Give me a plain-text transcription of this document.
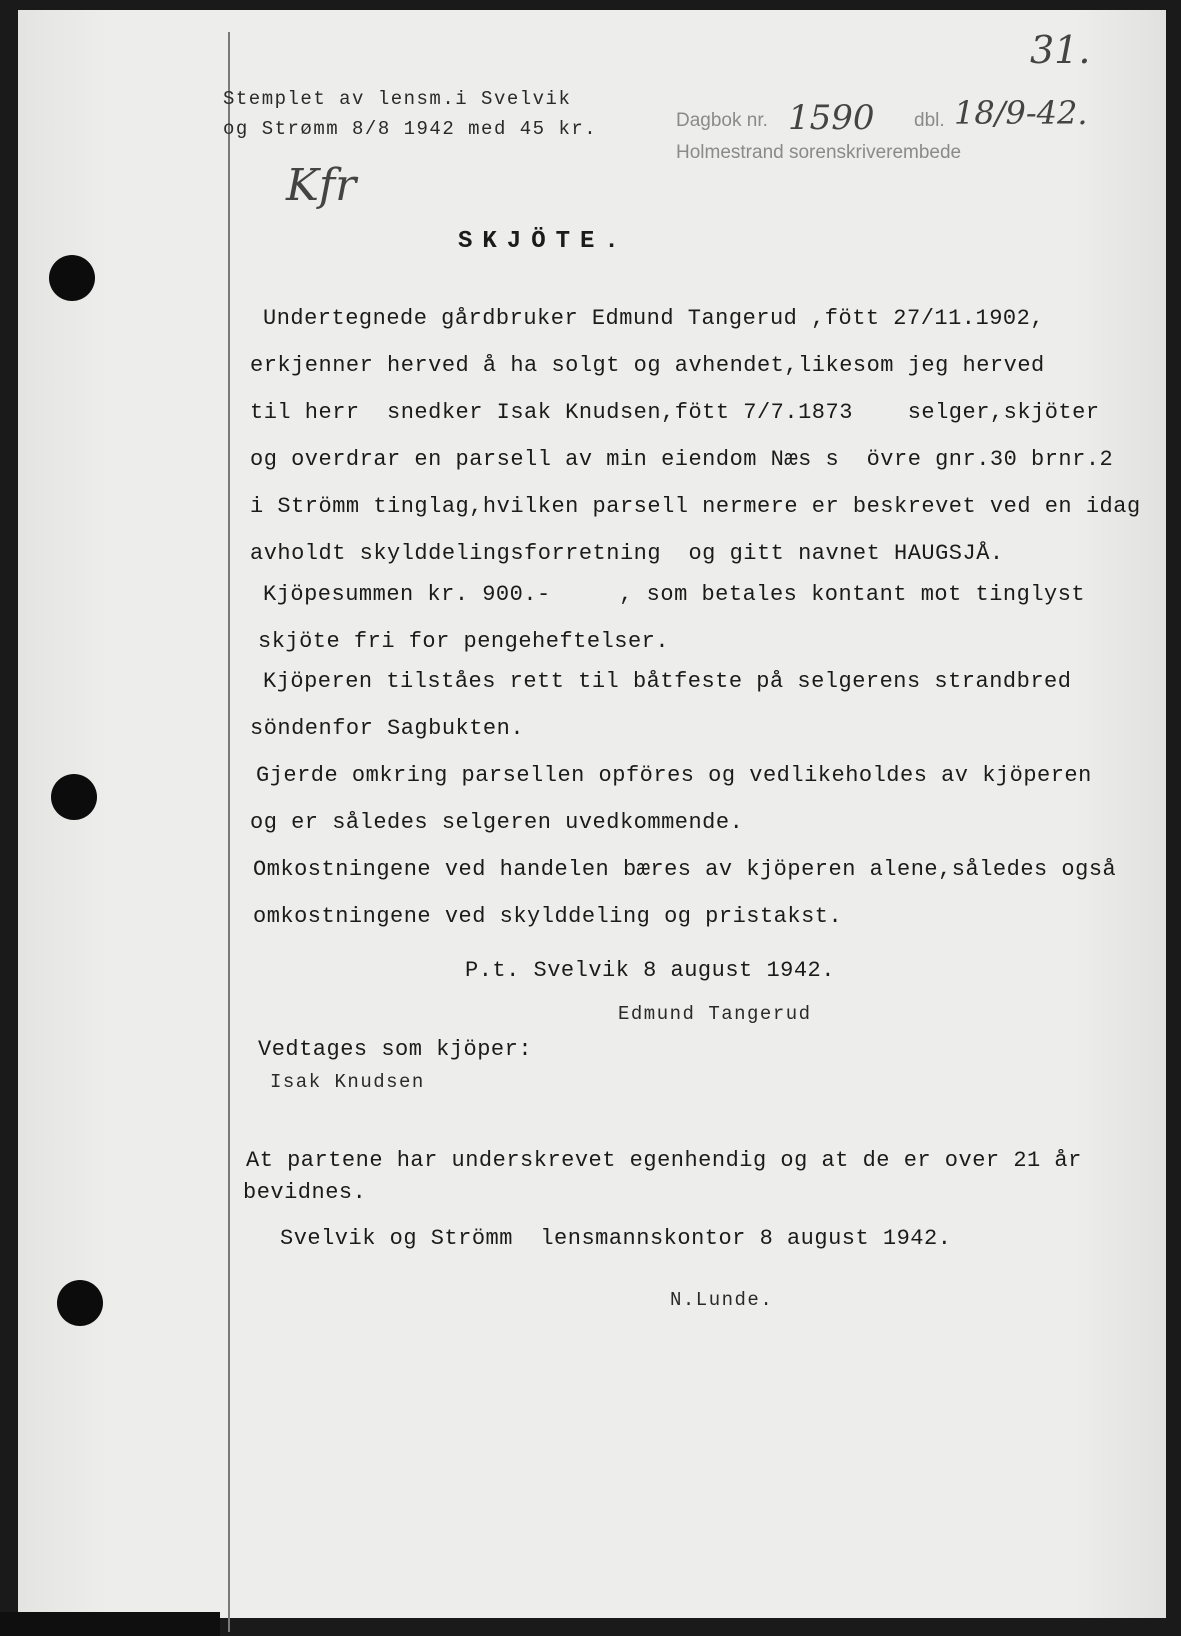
31.
Stemplet av lensm.i Svelvik
og Strømm 8/8 1942 med 45 kr.	Dagbok nr. 1590 dbl. 18/9-42.
Holmestrand sorenskriverembede
Kfr
SKJÖTE.
Undertegnede gårdbruker Edmund Tangerud ,fött 27/11.1902,
erkjenner herved å ha solgt og avhendet,likesom jeg herved
til herr  snedker Isak Knudsen,fött 7/7.1873    selger,skjöter
og overdrar en parsell av min eiendom Næs s  övre gnr.30 brnr.2
i Strömm tinglag,hvilken parsell nermere er beskrevet ved en idag
avholdt skylddelingsforretning  og gitt navnet HAUGSJÅ.
Kjöpesummen kr. 900.-     , som betales kontant mot tinglyst
skjöte fri for pengeheftelser.
Kjöperen tilståes rett til båtfeste på selgerens strandbred
söndenfor Sagbukten.
Gjerde omkring parsellen opföres og vedlikeholdes av kjöperen
og er således selgeren uvedkommende.
Omkostningene ved handelen bæres av kjöperen alene,således også
omkostningene ved skylddeling og pristakst.
P.t. Svelvik 8 august 1942.
Edmund Tangerud
Vedtages som kjöper:
Isak Knudsen
At partene har underskrevet egenhendig og at de er over 21 år
bevidnes.
Svelvik og Strömm  lensmannskontor 8 august 1942.
N.Lunde.
